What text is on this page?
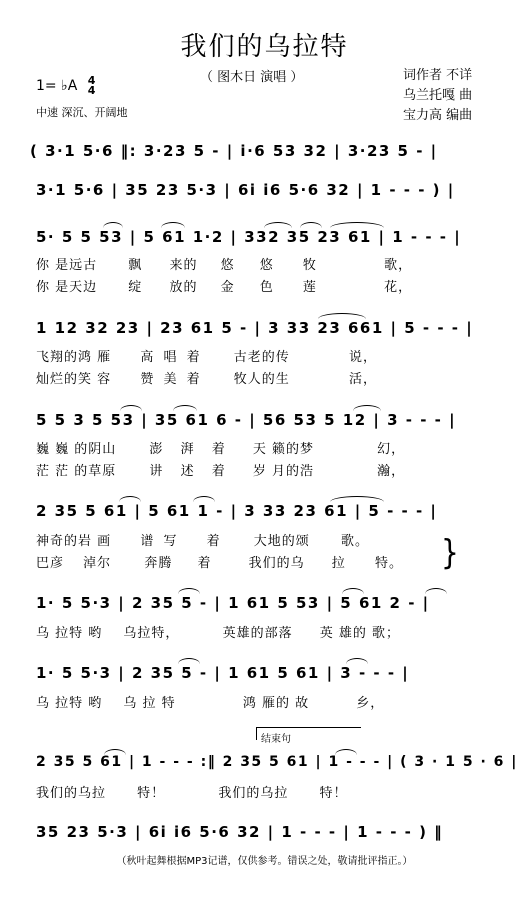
我们的乌拉特
（ 图木日 演唱 ）	词作者 不详
乌兰托嘎 曲
宝力高 编曲
1= ♭A 4
4
中速 深沉、开阔地
( 3·1 5·6 ‖: 3·23 5 - | i·6 53 32 | 3·23 5 - |
3·1 5·6 | 35 23 5·3 | 6i i6 5·6 32 | 1 - - - ) |
5· 5 5 53 | 5 61 1·2 | 332 35 23 61 | 1 - - - |
你 是远古 飘 来的 悠 悠 牧	歌，
你 是天边 绽 放的 金 色 莲	花，
1 12 32 23 | 23 61 5 - | 3 33 23 661 | 5 - - - |
飞翔的鸿 雁 高 唱 着	古老的传	说，
灿烂的笑 容 赞 美 着	牧人的生	活，
5 5 3 5 53 | 35 61 6 - | 56 53 5 12 | 3 - - - |
巍 巍 的阴山	澎 湃 着 天 籁的梦	幻，
茫 茫 的草原	讲 述 着 岁 月的浩	瀚，
2 35 5 61 | 5 61 1 - | 3 33 23 61 | 5 - - - |
神奇的岩 画 谱 写 着	大地的颂 歌。
巴彦 淖尔	奔腾 着	我们的乌 拉 特。 }
1· 5 5·3 | 2 35 5 - | 1 61 5 53 | 5 61 2 - |
乌 拉特 哟 乌拉特，	英雄的部落 英 雄的 歌；
1· 5 5·3 | 2 35 5 - | 1 61 5 61 | 3 - - - |
乌 拉特 哟 乌 拉 特	鸿 雁的 故	乡，
结束句
2 35 5 61 | 1 - - - :‖ 2 35 5 61 | 1 - - - | ( 3 · 1 5 · 6 |
我们的乌拉 特！	我们的乌拉 特！
35 23 5·3 | 6i i6 5·6 32 | 1 - - - | 1 - - - ) ‖
（秋叶起舞根据MP3记谱，仅供参考。错误之处，敬请批评指正。）
